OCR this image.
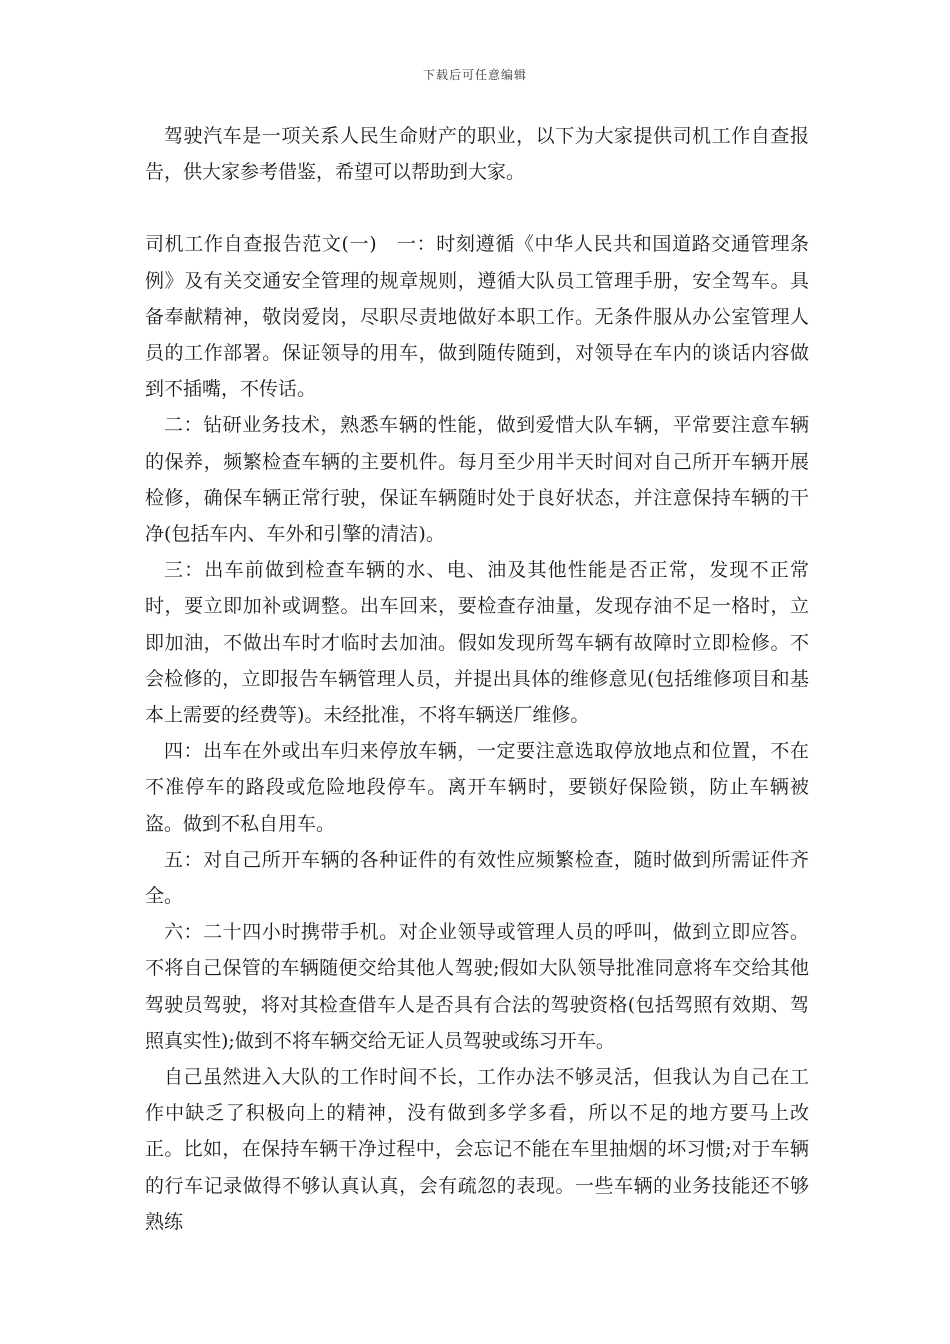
下载后可任意编辑

驾驶汽车是一项关系人民生命财产的职业，以下为大家提供司机工作自查报告，供大家参考借鉴，希望可以帮助到大家。

司机工作自查报告范文(一)　一：时刻遵循《中华人民共和国道路交通管理条例》及有关交通安全管理的规章规则，遵循大队员工管理手册，安全驾车。具备奉献精神，敬岗爱岗，尽职尽责地做好本职工作。无条件服从办公室管理人员的工作部署。保证领导的用车，做到随传随到，对领导在车内的谈话内容做到不插嘴，不传话。

二：钻研业务技术，熟悉车辆的性能，做到爱惜大队车辆，平常要注意车辆的保养，频繁检查车辆的主要机件。每月至少用半天时间对自己所开车辆开展检修，确保车辆正常行驶，保证车辆随时处于良好状态，并注意保持车辆的干净(包括车内、车外和引擎的清洁)。

三：出车前做到检查车辆的水、电、油及其他性能是否正常，发现不正常时，要立即加补或调整。出车回来，要检查存油量，发现存油不足一格时，立即加油，不做出车时才临时去加油。假如发现所驾车辆有故障时立即检修。不会检修的，立即报告车辆管理人员，并提出具体的维修意见(包括维修项目和基本上需要的经费等)。未经批准，不将车辆送厂维修。

四：出车在外或出车归来停放车辆，一定要注意选取停放地点和位置，不在不准停车的路段或危险地段停车。离开车辆时，要锁好保险锁，防止车辆被盗。做到不私自用车。

五：对自己所开车辆的各种证件的有效性应频繁检查，随时做到所需证件齐全。

六：二十四小时携带手机。对企业领导或管理人员的呼叫，做到立即应答。不将自己保管的车辆随便交给其他人驾驶;假如大队领导批准同意将车交给其他驾驶员驾驶，将对其检查借车人是否具有合法的驾驶资格(包括驾照有效期、驾照真实性);做到不将车辆交给无证人员驾驶或练习开车。

自己虽然进入大队的工作时间不长，工作办法不够灵活，但我认为自己在工作中缺乏了积极向上的精神，没有做到多学多看，所以不足的地方要马上改正。比如，在保持车辆干净过程中，会忘记不能在车里抽烟的坏习惯;对于车辆的行车记录做得不够认真认真，会有疏忽的表现。一些车辆的业务技能还不够熟练
